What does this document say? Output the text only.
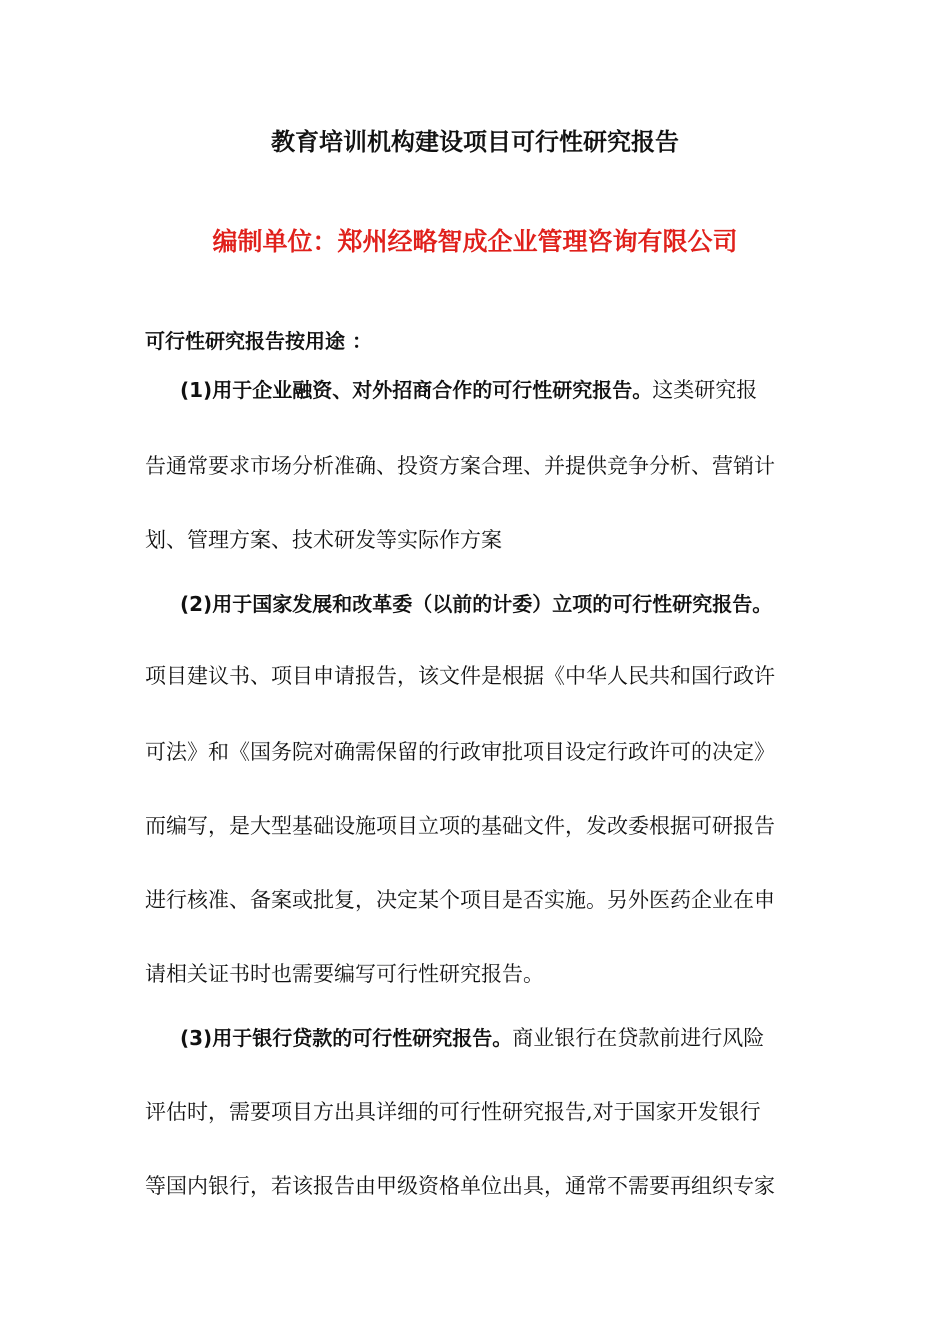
教育培训机构建设项目可行性研究报告
编制单位：郑州经略智成企业管理咨询有限公司

可行性研究报告按用途 ：

(1)用于企业融资、对外招商合作的可行性研究报告。这类研究报

告通常要求市场分析准确、投资方案合理、并提供竞争分析、营销计

划、管理方案、技术研发等实际作方案

(2)用于国家发展和改革委（以前的计委）立项的可行性研究报告。

项目建议书、项目申请报告，该文件是根据《中华人民共和国行政许

可法》和《国务院对确需保留的行政审批项目设定行政许可的决定》

而编写，是大型基础设施项目立项的基础文件，发改委根据可研报告

进行核准、备案或批复，决定某个项目是否实施。另外医药企业在申

请相关证书时也需要编写可行性研究报告。

(3)用于银行贷款的可行性研究报告。商业银行在贷款前进行风险

评估时，需要项目方出具详细的可行性研究报告,对于国家开发银行

等国内银行，若该报告由甲级资格单位出具，通常不需要再组织专家
